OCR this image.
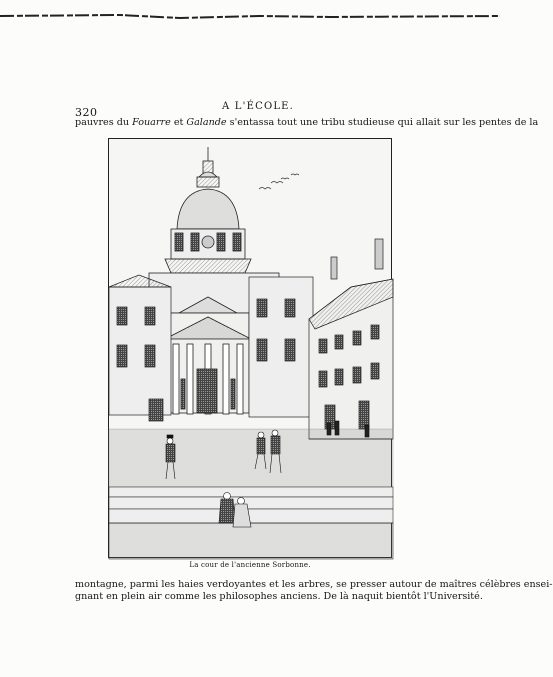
320	A L'ÉCOLE.
pauvres du Fouarre et Galande s'entassa tout une tribu studieuse qui allait sur les pentes de la
La cour de l'ancienne Sorbonne.
montagne, parmi les haies verdoyantes et les arbres, se presser autour de maîtres célèbres ensei-
gnant en plein air comme les philosophes anciens. De là naquit bientôt l'Université.
